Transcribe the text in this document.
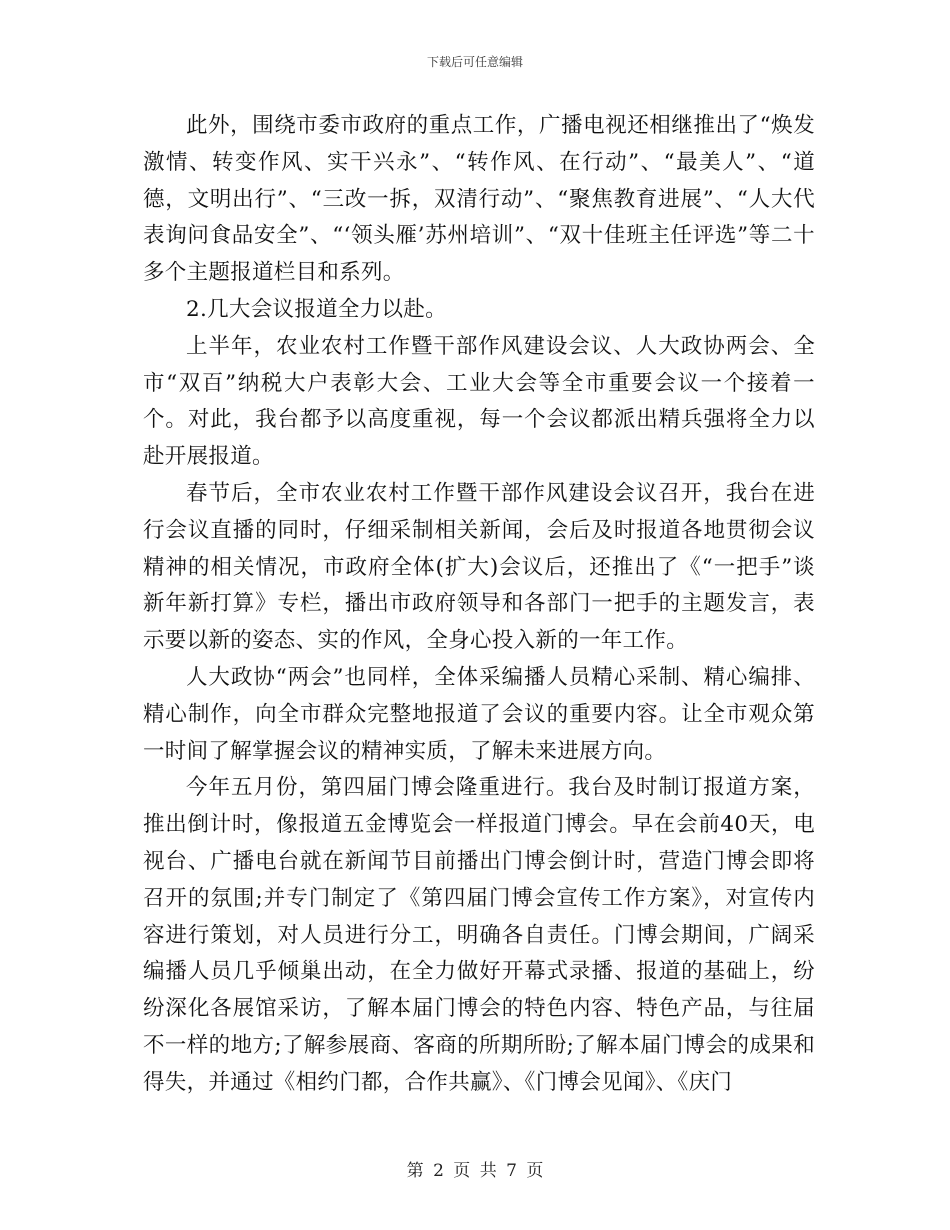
下载后可任意编辑

此外，围绕市委市政府的重点工作，广播电视还相继推出了“焕发激情、转变作风、实干兴永”、“转作风、在行动”、“最美人”、“道德，文明出行”、“三改一拆，双清行动”、“聚焦教育进展”、“人大代表询问食品安全”、“‘领头雁’苏州培训”、“双十佳班主任评选”等二十多个主题报道栏目和系列。

2.几大会议报道全力以赴。

上半年，农业农村工作暨干部作风建设会议、人大政协两会、全市“双百”纳税大户表彰大会、工业大会等全市重要会议一个接着一个。对此，我台都予以高度重视，每一个会议都派出精兵强将全力以赴开展报道。

春节后，全市农业农村工作暨干部作风建设会议召开，我台在进行会议直播的同时，仔细采制相关新闻，会后及时报道各地贯彻会议精神的相关情况，市政府全体(扩大)会议后，还推出了《“一把手”谈新年新打算》专栏，播出市政府领导和各部门一把手的主题发言，表示要以新的姿态、实的作风，全身心投入新的一年工作。

人大政协“两会”也同样，全体采编播人员精心采制、精心编排、精心制作，向全市群众完整地报道了会议的重要内容。让全市观众第一时间了解掌握会议的精神实质，了解未来进展方向。

今年五月份，第四届门博会隆重进行。我台及时制订报道方案，推出倒计时，像报道五金博览会一样报道门博会。早在会前40天，电视台、广播电台就在新闻节目前播出门博会倒计时，营造门博会即将召开的氛围;并专门制定了《第四届门博会宣传工作方案》，对宣传内容进行策划，对人员进行分工，明确各自责任。门博会期间，广阔采编播人员几乎倾巢出动，在全力做好开幕式录播、报道的基础上，纷纷深化各展馆采访，了解本届门博会的特色内容、特色产品，与往届不一样的地方;了解参展商、客商的所期所盼;了解本届门博会的成果和得失，并通过《相约门都，合作共赢》、《门博会见闻》、《庆门

第 2 页 共 7 页
